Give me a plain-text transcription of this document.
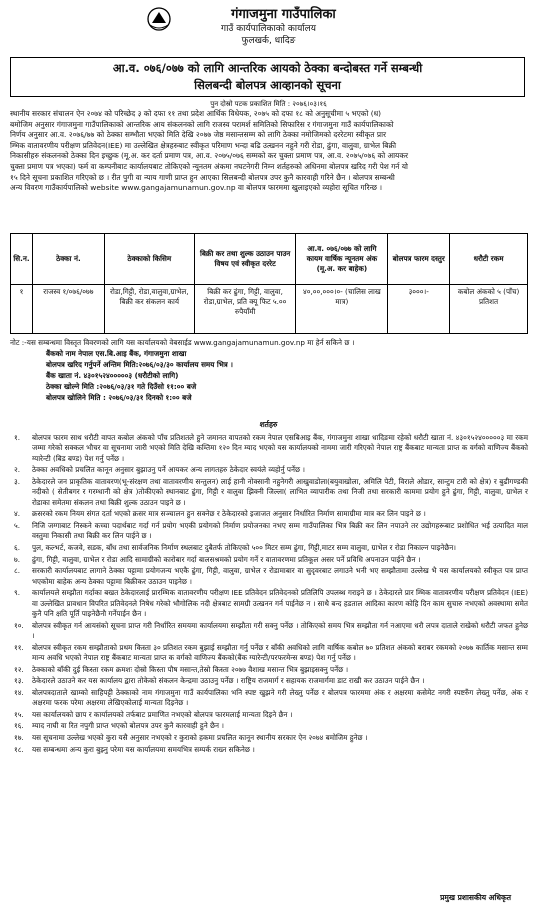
गंगाजमुना गाउँपालिका
गाउँ कार्यपालिकाको कार्यालय
फुलखर्क, धादिङ
आ.व. ०७६/०७७ को लागि आन्तरिक आयको ठेक्का बन्दोबस्त गर्ने सम्बन्धी
सिलबन्दी बोलपत्र आव्हानको सूचना
पुन दोस्रो पटक प्रकाशित मिति : २०७६।०३।१६
स्थानीय सरकार संचालन ऐन २०७४ को परिच्छेद ३ को दफा ११ तथा प्रदेश आर्थिक विधेयक, २०७५ को दफा १८ को अनुसूचीमा ५ भएको (ध)
बमोजिम अनुसार गंगाजमुना गाउँपालिकाको आन्तरिक आय संकलनको लागि राजस्व परामर्श समितिको सिफारिस र गंगाजमुना गाउँ कार्यपालिकाको
निर्णय अनुसार आ.व. २०७६/७७ को ठेक्का सम्भौता भएको मिति देखि २०७७ जेष्ठ मसान्तसम्म को लागि ठेक्का नमोजिमको दररेटमा स्वीकृत प्रार
म्भिक वातावरणीय परीक्षण प्रतिवेदन(IEE) मा उल्लेखित क्षेत्रहरुबाट स्वीकृत परिमाण भन्दा बढि उत्खनन नहुने गरी रोडा, ढुंगा, वालुवा, ग्राभेल बिक्री
निकासीहरु संकलनको ठेक्का दिन इच्छुक (मू.अ. कर दर्ता प्रमाण पत्र, आ.व. २०७५/०७६ सम्मको कर चुक्ता प्रमाण पत्र, आ.व. २०७५/०७६ को आयकर
चुक्ता प्रमाण पत्र भएका) फर्म वा कम्पनीबाट कार्यालयबाट तोकिएको न्यूनतम अंकमा नघटनेगरी निम्न शर्तहरुको अधिनमा बोलपत्र खरिद गरी पेश गर्न यो
१५ दिने सूचना प्रकाशित गरिएको छ । रीत पुगी वा न्याय गाणी प्राप्त हुन आएका सिलबन्दी बोलपत्र उपर कुनै कारवाही गरिने छैन । बोलपत्र सम्बन्धी
अन्य विवरण गाउँकार्यपालिको website www.gangajamunamun.gov.np वा बोलपत्र फारममा खुलाइएको व्यहोरा सूचित गरिन्छ ।
सि.न.	ठेक्का नं.	ठेक्काको किसिम	बिक्री कर तथा शुल्क उठाउन पाउन विषय एवं स्वीकृत दररेट	आ.व. ०७६/०७७ को लागि कायम वार्षिक न्यूनतम अंक (मू.अ. कर बाहेक)	बोलपत्र फारम दस्तुर	धरौटी रकम
१	राजस्व १/०७६/०७७	रोडा,गिट्टी, रोडा,वालुवा,ग्राभेल, बिक्री कर संकलन कार्य	बिक्री कर ढुंगा, गिट्टी, वालुवा, रोडा,ग्राभेल, प्रति क्यू फिट ५.०० रुपैयाँमी	४०,००,०००।०- (चालिस लाख मात्र)	३०००।-	कबोल अंकको ५ (पाँच) प्रतिशत
नोट :-यस सम्बन्धमा विस्तृत विवरणको लागि यस कार्यालयको वेबसाईड www.gangajamunamun.gov.np मा हेर्न सकिने छ ।
बैंकको नाम नेपाल एस.बि.आइ बैंक, गंगाजमुना शाखा
बोलपत्र खरिद गर्नुपर्ने अन्तिम मिति:२०७६/०३/३० कार्यालय समय भित्र ।
बैंक खाता नं. ४३०१५२४०००००३ (धरौटीको लागि)
ठेक्का खोल्ने मिति :२०७६/०३/३१ गते दिउँसो ११:०० बजे
बोलपत्र खोलिने मिति : २०७६/०३/३१ दिनको १:०० बजे
शर्तहरु
१.	बोलपत्र फारम साथ धरौटी वापत कबोल अंकको पाँच प्रतिशतले हुने जमानत वापतको रकम नेपाल एसबिआइ बैंक, गंगाजमुना शाखा धादिङमा रहेको धरौटी खाता नं. ४३०१५२४०००००३ मा रकम जम्मा गरेको सक्कल भौचर वा सूचनामा जारी भएको मिति देखि कम्तिमा १२० दिन म्याद भएको यस कार्यालयको नाममा जारी गरिएको नेपाल राष्ट्र बैंकबाट मान्यता प्राप्त क वर्गको वाणिज्य बैंकको ग्यारेन्टी (बिड बण्ड) पेश गर्नु पर्नेछ ।
२.	ठेक्का अवधिको प्रचलित कानून अनुसार बुझाउनु पर्ने आयकर अन्य लागतहरु ठेकेदार स्वयंले व्यहोर्नु पर्नेछ ।
३.	ठेकेदारले जन प्राकृतिक वातावरण(भू-संरक्षण तथा वातावरणीय सन्तुलन) लाई हानी नोक्सानी नहुनेगरी आखुवाडोला(बयुवाखोला, अमिलि पेटी, विराले ओडार, सान्टुम टारी को क्षेत्र) र बुढीगण्डकी नदीको ( सेतीबगर र गरम्धानी को क्षेत्र )तोकीएको स्थानबाट ढुंगा, गिट्टी र वालुवा झिक्नी जिल्ला( लाभित व्यापारीक तथा निजी तथा सरकारी काममा प्रयोग हुने ढुंगा, गिट्टी, वालुवा, ग्राभेल र रोडाका समेतमा संकलन तथा बिक्री शुल्क उठाउन पाइने छ ।
४.	क्रसरको रकम नियम संगत दर्ता भएको क्रसर मात्र सञ्चालन हुन सक्नेछ र ठेकेदारको इजाजत अनुसार निर्धारित निर्माण सामाग्रीमा मात्र कर लिन पाइने छ ।
५.	निजि जग्गाबाट निस्कने कच्चा पदार्थबाट गर्दा गर्न प्रयोग भएकी प्रयोगको निर्माण प्रयोजनका नभए सम्म गाउँपालिका भित्र बिक्री कर लिन नपाउने तर उद्योगहरूबाट प्रशोधित भई उत्पादित माल वस्तुमा निकासी तथा बिक्री कर लिन पाईने छ ।
६.	पुल, कल्भर्ट, कजवे, सडक, बाँध तथा सार्वजनिक निर्माण स्थलबाट दुबैतर्फ तोकिएको ५०० मिटर सम्म ढुंगा, गिट्टी,माटर सम्म वालुवा, ग्राभेल र रोडा निकाल्न पाइनेछैन।
७.	ढुंगा, गिट्टी, वालुवा, ग्राभेल र रोडा आदि सामाग्रीको कारोबार गर्दा बालसश्रमको प्रयोग गर्ने र वातावरणमा प्रतिकूल असर पर्ने प्रविधि अपनाउन पाईने छैन ।
८.	सरकारी कार्यालयबाट लागाने ठेक्का पट्टामा प्रयोगजन्य भएकै ढुंगा, गिट्टी, वालुवा, ग्राभेल र रोडामाबार वा सुदृवरबाट लगाउने भनी भए सम्झौतामा उल्लेख भै यस कार्यालयको स्वीकृत पत्र प्राप्त भएकोमा बाहेक अन्य ठेक्का पट्टामा बिक्रीकर उठाउन पाइनेछ ।
९.	कार्यालयले सम्झौता गर्दाका बखत ठेकेदारलाई प्रारम्भिक वातावरणीय परीक्षण IEE प्रतिवेदन प्रतिवेदनको प्रतिलिपि उपलब्ध गराइने छ । ठेकेदारले प्रार म्भिक वातावरणीय परीक्षण प्रतिवेदन (IEE) वा उल्लेखित प्रावधान विपरित प्रतिवेदनले निषेध गरेको भौगोलिक नदी क्षेत्रबाट सामग्री उत्खनन गर्न पाईनेछ न । साथै बन्द हडताल आदिका कारण कोहि दिन काम सुचारु नभएको अवस्थामा समेत कुनै पनि क्षति पूर्ति पाइनेछैनौ गर्नेपाईन छैन ।
१०.	बोलपत्र स्वीकृत गर्न आयसंको सूचना प्राप्त गरी निर्धारित समयमा कार्यालयमा सम्झौता गरी सक्नु पर्नेछ । तोकिएको समय भित्र सम्झौता गर्न नआएमा धरौ लपत्र दाताले राखेको धरौटी जफत हुनेछ ।
११.	बोलपत्र स्वीकृत रकम सम्झौताको प्रथम किस्ता ३० प्रतिशत रकम बुझाई सम्झौता गर्नु पर्नेछ र बाँकी अवधिको लागि वार्षिक कबोल ७० प्रतिशत अंकको बराबर रकमको २०७७ कार्तिक मसान्त सम्म मान्य अवधि भएको नेपाल राष्ट्र बैंकबाट मान्यता प्राप्त क वर्गको वाणिज्य बैंकको(बैंक ग्यारेन्टी/परफरमेन्स बण्ड) पेश गर्नु पर्नेछ ।
१२.	ठेक्काको बाँकी दुई किस्ता रकम क्रमशः दोस्रो किस्ता पौष मसान्त,तेस्रो किस्ता २०७७ वैशाख मसान्त भित्र बुझाइसक्नु पर्नेछ ।
१३.	ठेकेदारले उठाउने कर यस कार्यालय द्वारा तोकेको संकलन केन्द्रमा उठाउनु पर्नेछ । राष्ट्रिय राजमार्ग र सहायक राजमार्गमा डाट राखी कर उठाउन पाईने छैन ।
१४.	बोलपत्रदाताले खाम्को साहिपट्टी ठेक्काको नाम गंगाजमुना गाउँ कार्यपालिका भनि स्पष्ट खुझने गरी लेख्नु पर्नेछ र बोलपत्र फारममा अंक र अक्षरमा कसेमेट नगरी स्पष्टरुँग लेख्नु पर्नेछ, अंक र अक्षरमा फरक परेमा अक्षरमा लेखिएकोलाई मान्यता दिइनेछ ।
१५.	यस कार्यालयको छाप र कार्यालयको तर्फबाट प्रमाणित नभएको बोलपत्र फारमलाई मान्यता दिइने छैन ।
१६.	म्याद नाघी वा रित नपुगी प्राप्त भएको बोलपत्र उपर कुनै कारवाही हुने छैन ।
१७.	यस सूचनामा उल्लेख भएको कुरा यसै अनुसार नभएको र कुराको हकमा प्रचलित कानून स्थानीय सरकार ऐन २०७४ बमोजिम हुनेछ ।
१८.	यस सम्बन्धमा अन्य कुरा बुझ्नु परेमा यस कार्यालयमा समयभित्र सम्पर्क राख्न सकिनेछ ।
प्रमुख प्रशासकीय अधिकृत
